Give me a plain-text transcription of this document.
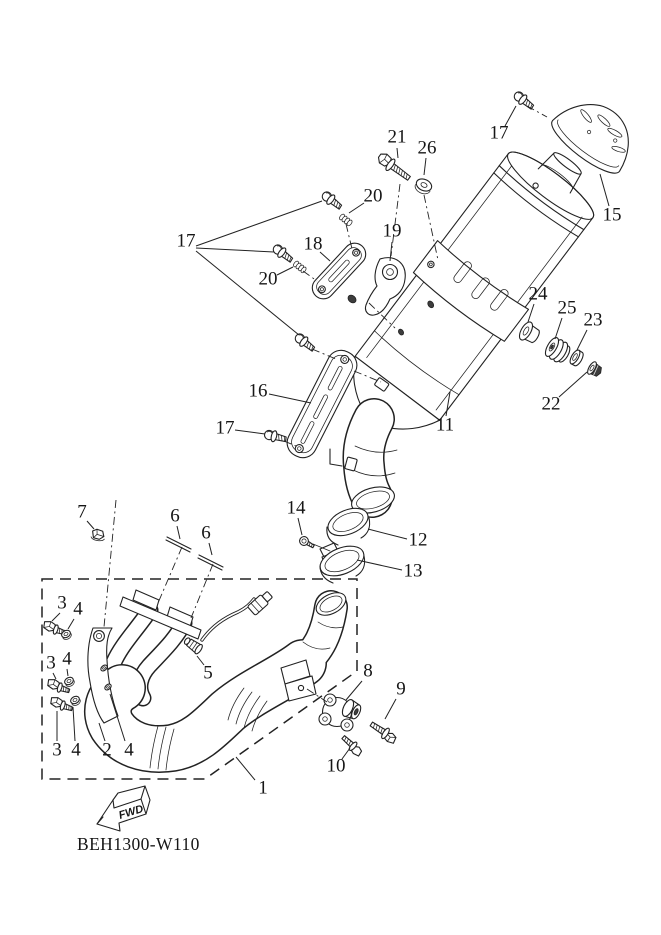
FWD
1
2
3 4
3 4
3 4 4
5
6
6
7
8
9
10
11
12
13
14
15
16
17
17
17
18
19
20
20
21
22
23
24
25
26
BEH1300-W110
